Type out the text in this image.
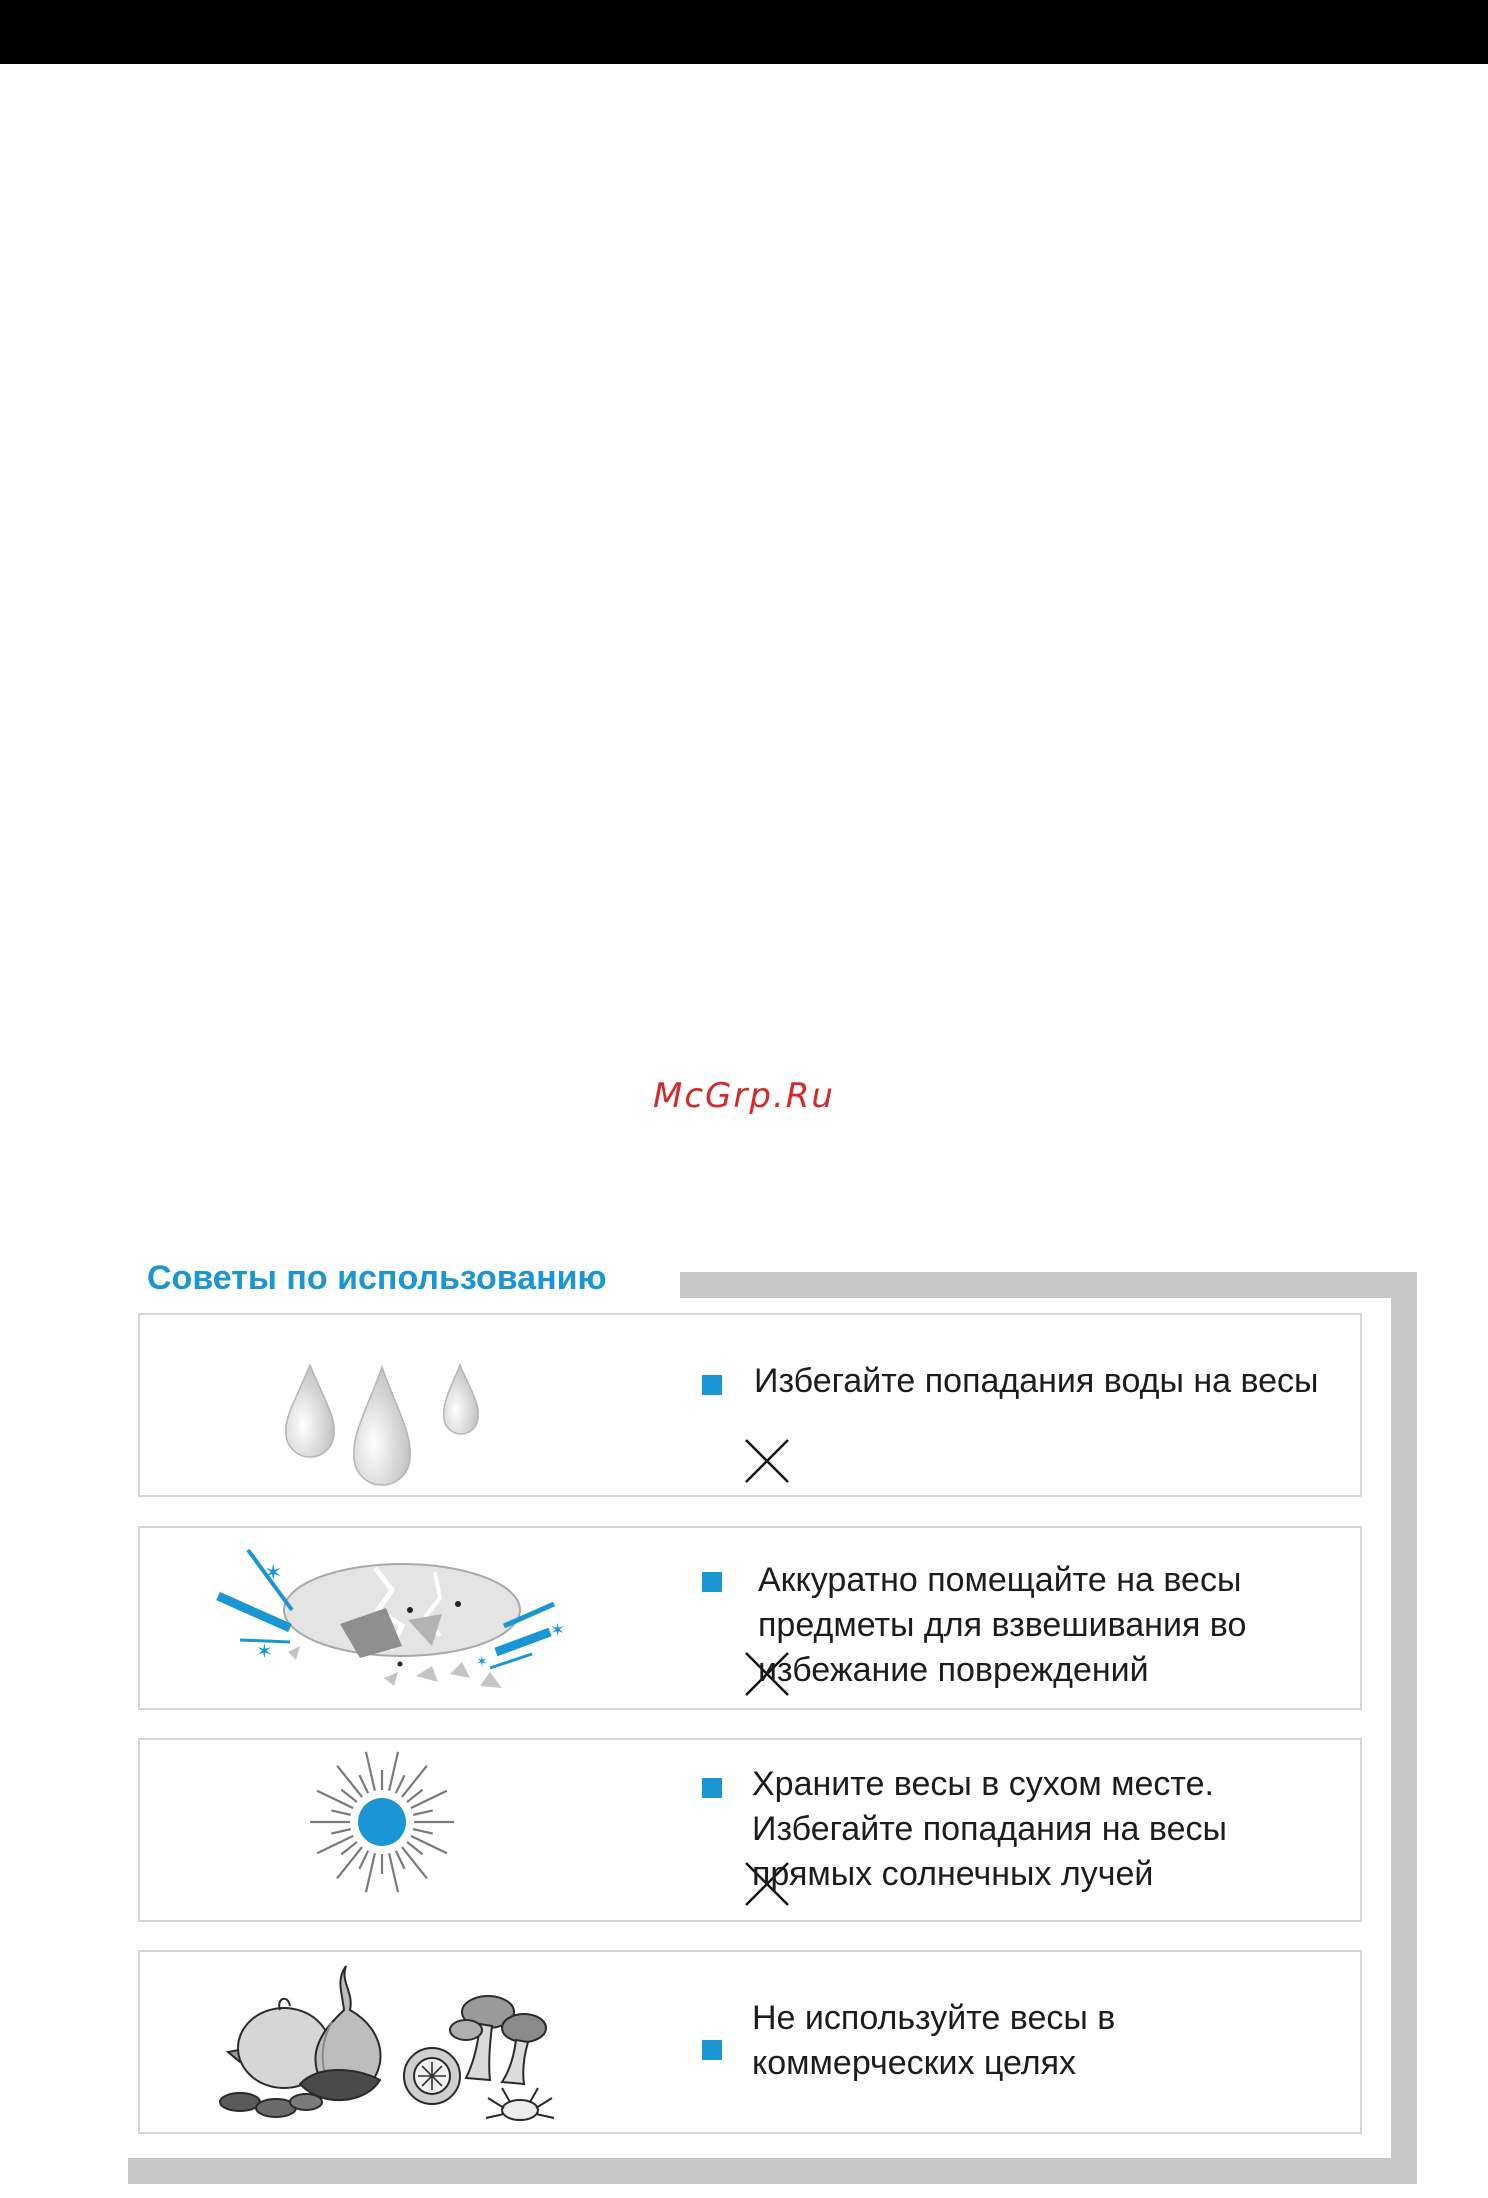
McGrp.Ru
Советы по использованию

Избегайте попадания воды на весы

✶
✶
✶
✶

Аккуратно помещайте на весы предметы для взвешивания во избежание повреждений

Храните весы в сухом месте. Избегайте попадания на весы прямых солнечных лучей

Не используйте весы в коммерческих целях
